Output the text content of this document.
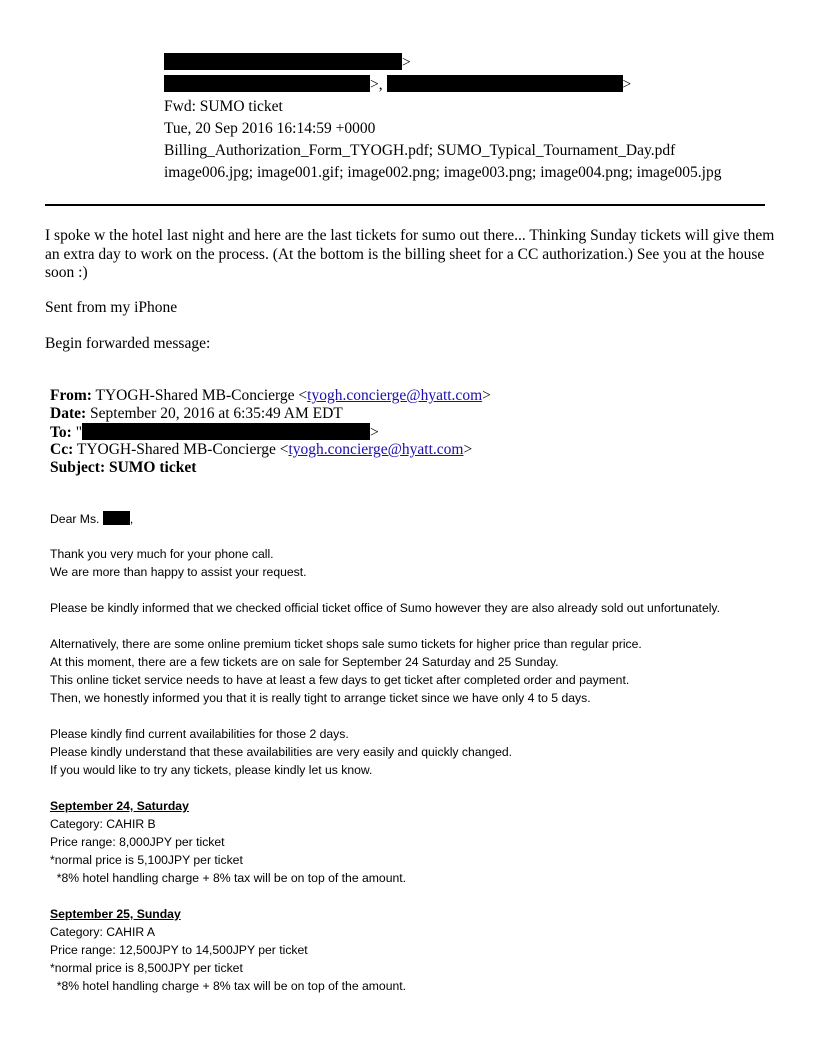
>
>,	>
Fwd: SUMO ticket
Tue, 20 Sep 2016 16:14:59 +0000
Billing_Authorization_Form_TYOGH.pdf; SUMO_Typical_Tournament_Day.pdf
image006.jpg; image001.gif; image002.png; image003.png; image004.png; image005.jpg
I spoke w the hotel last night and here are the last tickets for sumo out there... Thinking Sunday tickets will give them an extra day to work on the process. (At the bottom is the billing sheet for a CC authorization.) See you at the house soon :)
Sent from my iPhone
Begin forwarded message:
From: TYOGH-Shared MB-Concierge <tyogh.concierge@hyatt.com>
Date: September 20, 2016 at 6:35:49 AM EDT
To: "	>
Cc: TYOGH-Shared MB-Concierge <tyogh.concierge@hyatt.com>
Subject: SUMO ticket
Dear Ms. ,
Thank you very much for your phone call.
We are more than happy to assist your request.
Please be kindly informed that we checked official ticket office of Sumo however they are also already sold out unfortunately.
Alternatively, there are some online premium ticket shops sale sumo tickets for higher price than regular price.
At this moment, there are a few tickets are on sale for September 24 Saturday and 25 Sunday.
This online ticket service needs to have at least a few days to get ticket after completed order and payment.
Then, we honestly informed you that it is really tight to arrange ticket since we have only 4 to 5 days.
Please kindly find current availabilities for those 2 days.
Please kindly understand that these availabilities are very easily and quickly changed.
If you would like to try any tickets, please kindly let us know.
September 24, Saturday
Category: CAHIR B
Price range: 8,000JPY per ticket
*normal price is 5,100JPY per ticket
*8% hotel handling charge + 8% tax will be on top of the amount.
September 25, Sunday
Category: CAHIR A
Price range: 12,500JPY to 14,500JPY per ticket
*normal price is 8,500JPY per ticket
*8% hotel handling charge + 8% tax will be on top of the amount.
